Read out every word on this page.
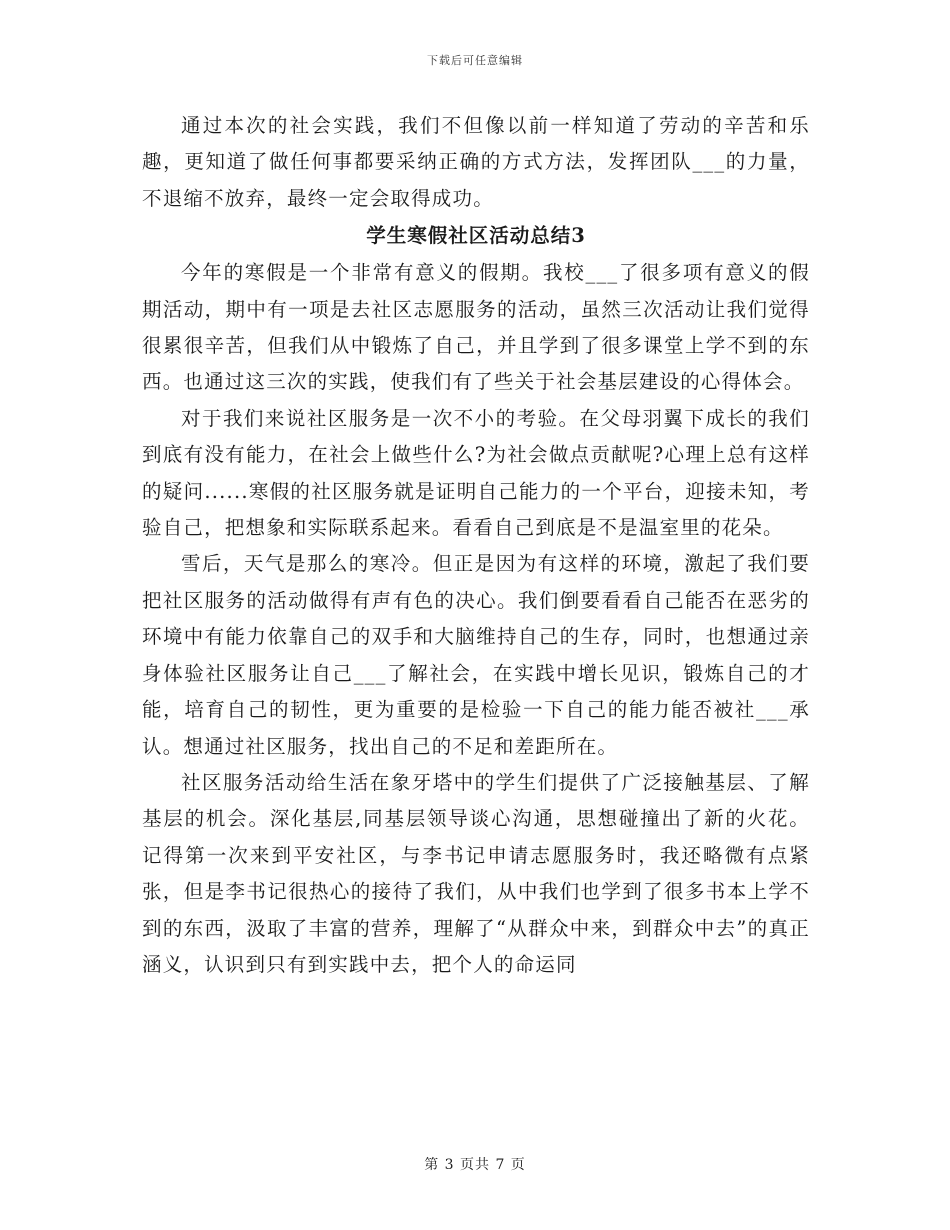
下载后可任意编辑

通过本次的社会实践，我们不但像以前一样知道了劳动的辛苦和乐趣，更知道了做任何事都要采纳正确的方式方法，发挥团队___的力量，不退缩不放弃，最终一定会取得成功。

学生寒假社区活动总结3

今年的寒假是一个非常有意义的假期。我校___了很多项有意义的假期活动，期中有一项是去社区志愿服务的活动，虽然三次活动让我们觉得很累很辛苦，但我们从中锻炼了自己，并且学到了很多课堂上学不到的东西。也通过这三次的实践，使我们有了些关于社会基层建设的心得体会。

对于我们来说社区服务是一次不小的考验。在父母羽翼下成长的我们到底有没有能力，在社会上做些什么?为社会做点贡献呢?心理上总有这样的疑问......寒假的社区服务就是证明自己能力的一个平台，迎接未知，考验自己，把想象和实际联系起来。看看自己到底是不是温室里的花朵。

雪后，天气是那么的寒冷。但正是因为有这样的环境，激起了我们要把社区服务的活动做得有声有色的决心。我们倒要看看自己能否在恶劣的环境中有能力依靠自己的双手和大脑维持自己的生存，同时，也想通过亲身体验社区服务让自己___了解社会，在实践中增长见识，锻炼自己的才能，培育自己的韧性，更为重要的是检验一下自己的能力能否被社___承认。想通过社区服务，找出自己的不足和差距所在。

社区服务活动给生活在象牙塔中的学生们提供了广泛接触基层、了解基层的机会。深化基层,同基层领导谈心沟通，思想碰撞出了新的火花。记得第一次来到平安社区，与李书记申请志愿服务时，我还略微有点紧张，但是李书记很热心的接待了我们，从中我们也学到了很多书本上学不到的东西，汲取了丰富的营养，理解了“从群众中来，到群众中去”的真正涵义，认识到只有到实践中去，把个人的命运同

第 3 页共 7 页
